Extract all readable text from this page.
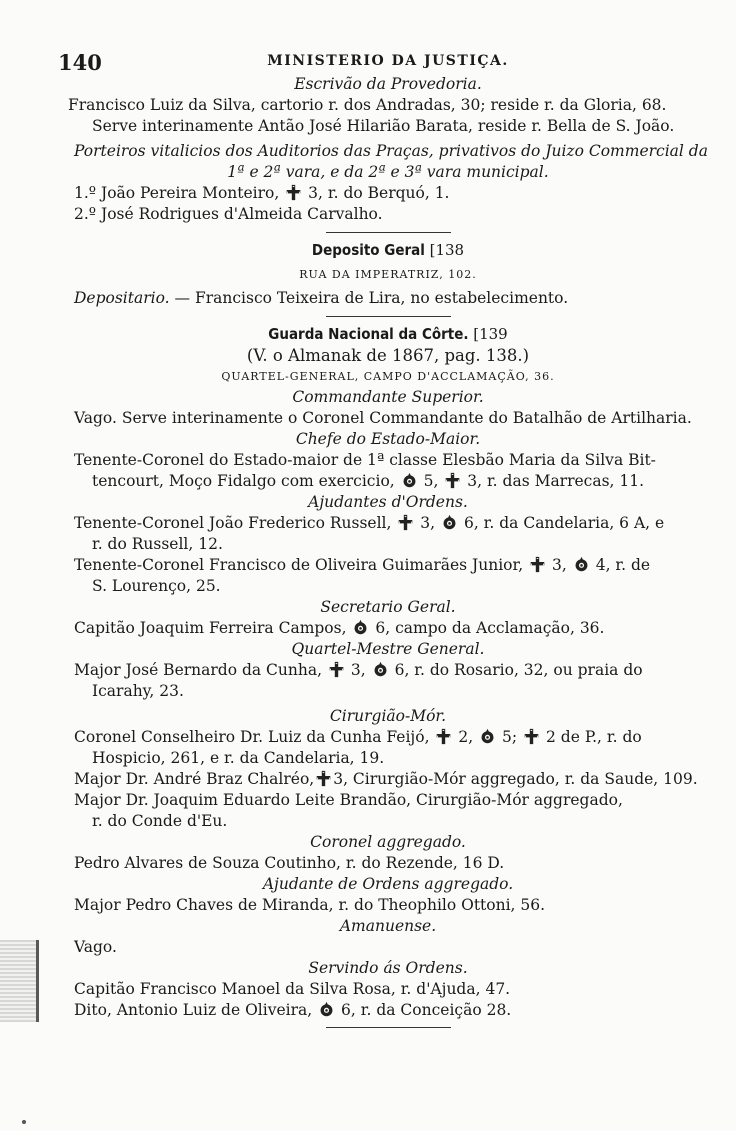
140	MINISTERIO DA JUSTIÇA.
Escrivão da Provedoria.
Francisco Luiz da Silva, cartorio r. dos Andradas, 30; reside r. da Gloria, 68.
Serve interinamente Antão José Hilarião Barata, reside r. Bella de S. João.
Porteiros vitalicios dos Auditorios das Praças, privativos do Juizo Commercial da
1ª e 2ª vara, e da 2ª e 3ª vara municipal.
1.º João Pereira Monteiro, 3, r. do Berquó, 1.
2.º José Rodrigues d'Almeida Carvalho.
Deposito Geral [138
RUA DA IMPERATRIZ, 102.
Depositario. — Francisco Teixeira de Lira, no estabelecimento.
Guarda Nacional da Côrte. [139
(V. o Almanak de 1867, pag. 138.)
QUARTEL-GENERAL, CAMPO D'ACCLAMAÇÃO, 36.
Commandante Superior.
Vago. Serve interinamente o Coronel Commandante do Batalhão de Artilharia.
Chefe do Estado-Maior.
Tenente-Coronel do Estado-maior de 1ª classe Elesbão Maria da Silva Bit-
tencourt, Moço Fidalgo com exercicio, 5, 3, r. das Marrecas, 11.
Ajudantes d'Ordens.
Tenente-Coronel João Frederico Russell, 3, 6, r. da Candelaria, 6 A, e
r. do Russell, 12.
Tenente-Coronel Francisco de Oliveira Guimarães Junior, 3, 4, r. de
S. Lourenço, 25.
Secretario Geral.
Capitão Joaquim Ferreira Campos, 6, campo da Acclamação, 36.
Quartel-Mestre General.
Major José Bernardo da Cunha, 3, 6, r. do Rosario, 32, ou praia do
Icarahy, 23.
Cirurgião-Mór.
Coronel Conselheiro Dr. Luiz da Cunha Feijó, 2, 5; 2 de P., r. do
Hospicio, 261, e r. da Candelaria, 19.
Major Dr. André Braz Chalréo, 3, Cirurgião-Mór aggregado, r. da Saude, 109.
Major Dr. Joaquim Eduardo Leite Brandão, Cirurgião-Mór aggregado,
r. do Conde d'Eu.
Coronel aggregado.
Pedro Alvares de Souza Coutinho, r. do Rezende, 16 D.
Ajudante de Ordens aggregado.
Major Pedro Chaves de Miranda, r. do Theophilo Ottoni, 56.
Amanuense.
Vago.
Servindo ás Ordens.
Capitão Francisco Manoel da Silva Rosa, r. d'Ajuda, 47.
Dito, Antonio Luiz de Oliveira, 6, r. da Conceição 28.
